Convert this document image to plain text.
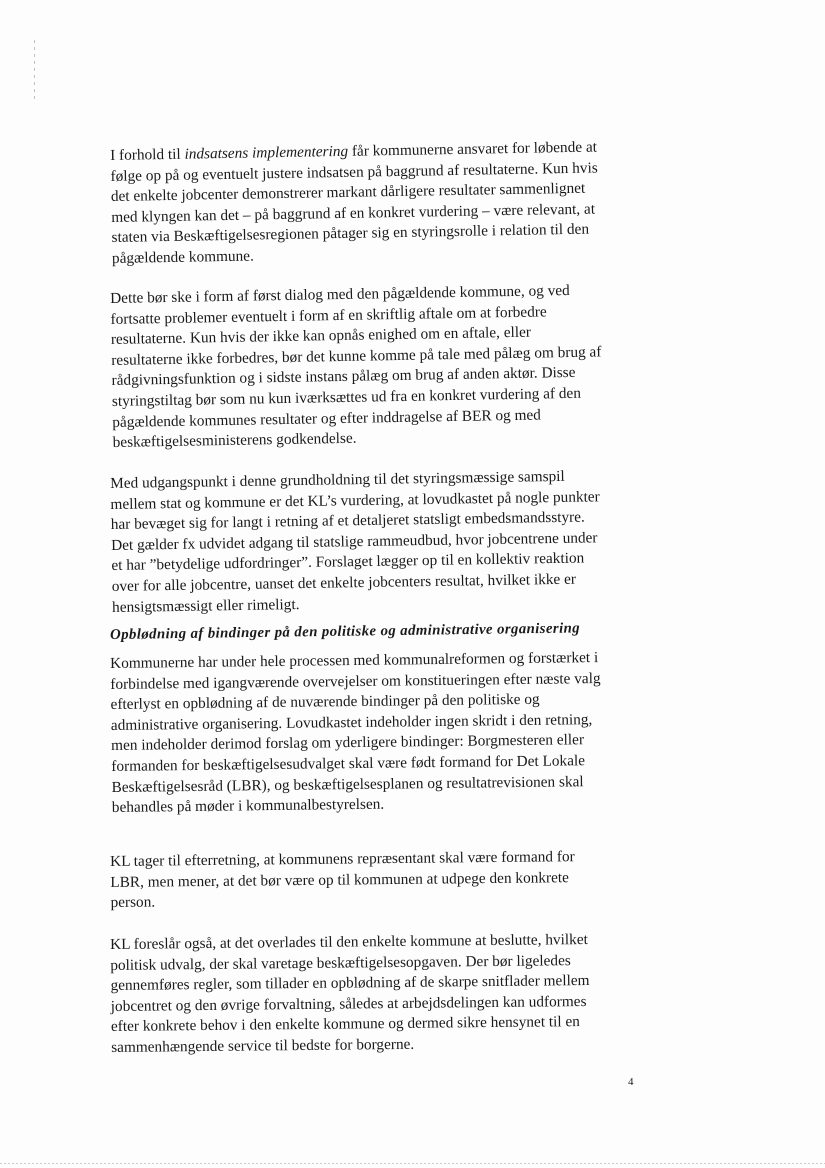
I forhold til indsatsens implementering får kommunerne ansvaret for løbende at følge op på og eventuelt justere indsatsen på baggrund af resultaterne. Kun hvis det enkelte jobcenter demonstrerer markant dårligere resultater sammenlignet med klyngen kan det – på baggrund af en konkret vurdering – være relevant, at staten via Beskæftigelsesregionen påtager sig en styringsrolle i relation til den pågældende kommune.

Dette bør ske i form af først dialog med den pågældende kommune, og ved fortsatte problemer eventuelt i form af en skriftlig aftale om at forbedre resultaterne. Kun hvis der ikke kan opnås enighed om en aftale, eller resultaterne ikke forbedres, bør det kunne komme på tale med pålæg om brug af rådgivningsfunktion og i sidste instans pålæg om brug af anden aktør. Disse styringstiltag bør som nu kun iværksættes ud fra en konkret vurdering af den pågældende kommunes resultater og efter inddragelse af BER og med beskæftigelsesministerens godkendelse.

Med udgangspunkt i denne grundholdning til det styringsmæssige samspil mellem stat og kommune er det KL’s vurdering, at lovudkastet på nogle punkter har bevæget sig for langt i retning af et detaljeret statsligt embedsmandsstyre. Det gælder fx udvidet adgang til statslige rammeudbud, hvor jobcentrene under et har ”betydelige udfordringer”. Forslaget lægger op til en kollektiv reaktion over for alle jobcentre, uanset det enkelte jobcenters resultat, hvilket ikke er hensigtsmæssigt eller rimeligt.

Opblødning af bindinger på den politiske og administrative organisering

Kommunerne har under hele processen med kommunalreformen og forstærket i forbindelse med igangværende overvejelser om konstitueringen efter næste valg efterlyst en opblødning af de nuværende bindinger på den politiske og administrative organisering. Lovudkastet indeholder ingen skridt i den retning, men indeholder derimod forslag om yderligere bindinger: Borgmesteren eller formanden for beskæftigelsesudvalget skal være født formand for Det Lokale Beskæftigelsesråd (LBR), og beskæftigelsesplanen og resultatrevisionen skal behandles på møder i kommunalbestyrelsen.

KL tager til efterretning, at kommunens repræsentant skal være formand for LBR, men mener, at det bør være op til kommunen at udpege den konkrete person.

KL foreslår også, at det overlades til den enkelte kommune at beslutte, hvilket politisk udvalg, der skal varetage beskæftigelsesopgaven. Der bør ligeledes gennemføres regler, som tillader en opblødning af de skarpe snitflader mellem jobcentret og den øvrige forvaltning, således at arbejdsdelingen kan udformes efter konkrete behov i den enkelte kommune og dermed sikre hensynet til en sammenhængende service til bedste for borgerne.

4
